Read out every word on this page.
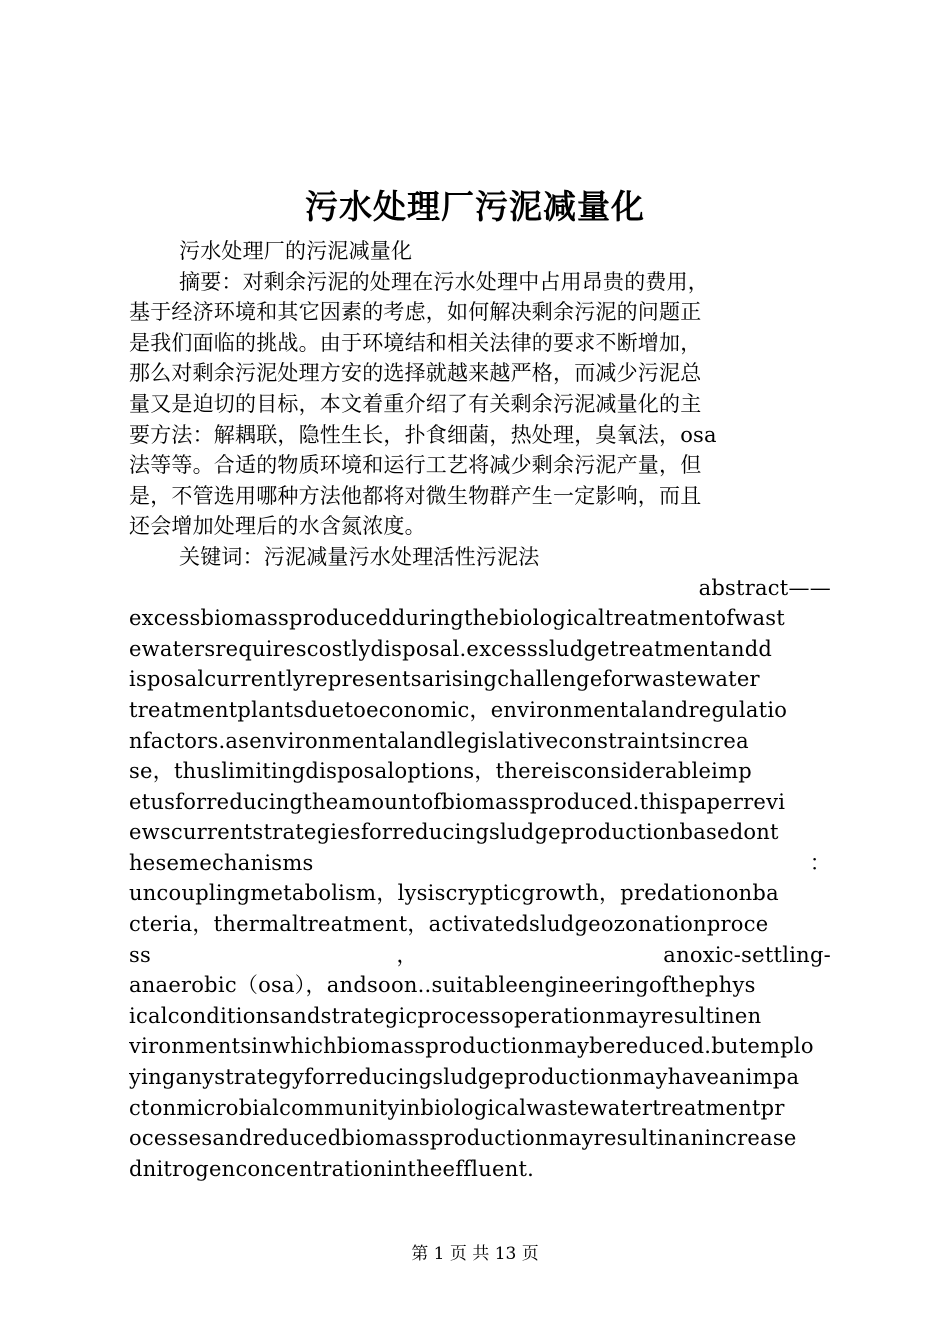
污水处理厂污泥减量化
污水处理厂的污泥减量化
摘要：对剩余污泥的处理在污水处理中占用昂贵的费用，
基于经济环境和其它因素的考虑，如何解决剩余污泥的问题正
是我们面临的挑战。由于环境结和相关法律的要求不断增加，
那么对剩余污泥处理方安的选择就越来越严格，而减少污泥总
量又是迫切的目标，本文着重介绍了有关剩余污泥减量化的主
要方法：解耦联，隐性生长，扑食细菌，热处理，臭氧法，osa
法等等。合适的物质环境和运行工艺将减少剩余污泥产量，但
是，不管选用哪种方法他都将对微生物群产生一定影响，而且
还会增加处理后的水含氮浓度。
关键词：污泥减量污水处理活性污泥法
abstract——
excessbiomassproducedduringthebiologicaltreatmentofwast
ewatersrequirescostlydisposal.excesssludgetreatmentandd
isposalcurrentlyrepresentsarisingchallengeforwastewater
treatmentplantsduetoeconomic，environmentalandregulatio
nfactors.asenvironmentalandlegislativeconstraintsincrea
se，thuslimitingdisposaloptions，thereisconsiderableimp
etusforreducingtheamountofbiomassproduced.thispaperrevi
ewscurrentstrategiesforreducingsludgeproductionbasedont
hesemechanisms：
uncouplingmetabolism，lysiscrypticgrowth，predationonba
cteria，thermaltreatment，activatedsludgeozonationproce
ss，anoxic-settling-
anaerobic（osa），andsoon..suitableengineeringofthephys
icalconditionsandstrategicprocessoperationmayresultinen
vironmentsinwhichbiomassproductionmaybereduced.butemplo
yinganystrategyforreducingsludgeproductionmayhaveanimpa
ctonmicrobialcommunityinbiologicalwastewatertreatmentpr
ocessesandreducedbiomassproductionmayresultinanincrease
dnitrogenconcentrationintheeffluent.
第 1 页 共 13 页
